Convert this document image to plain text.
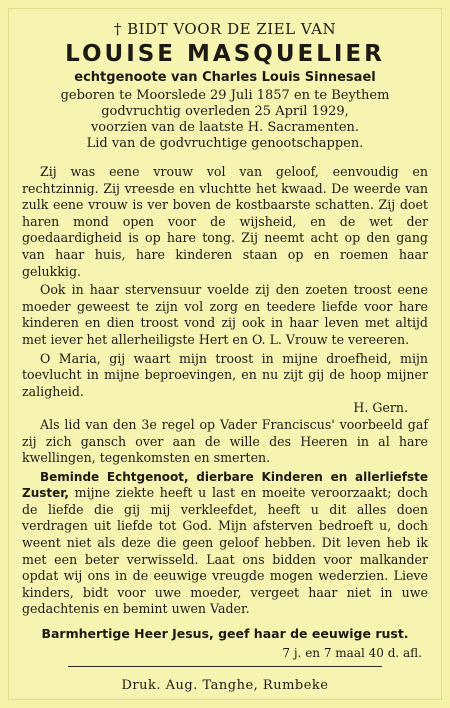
† BIDT VOOR DE ZIEL VAN
LOUISE MASQUELIER
echtgenoote van Charles Louis Sinnesael
geboren te Moorslede 29 Juli 1857 en te Beythem
godvruchtig overleden 25 April 1929,
voorzien van de laatste H. Sacramenten.
Lid van de godvruchtige genootschappen.

Zij was eene vrouw vol van geloof, eenvoudig en rechtzinnig. Zij vreesde en vluchtte het kwaad. De weerde van zulk eene vrouw is ver boven de kostbaarste schatten. Zij doet haren mond open voor de wijsheid, en de wet der goedaardigheid is op hare tong. Zij neemt acht op den gang van haar huis, hare kinderen staan op en roemen haar gelukkig.

Ook in haar stervensuur voelde zij den zoeten troost eene moeder geweest te zijn vol zorg en teedere liefde voor hare kinderen en dien troost vond zij ook in haar leven met altijd met iever het allerheiligste Hert en O. L. Vrouw te vereeren.

O Maria, gij waart mijn troost in mijne droefheid, mijn toevlucht in mijne beproevingen, en nu zijt gij de hoop mijner zaligheid.

H. Gern.

Als lid van den 3e regel op Vader Franciscus' voorbeeld gaf zij zich gansch over aan de wille des Heeren in al hare kwellingen, tegenkomsten en smerten.

Beminde Echtgenoot, dierbare Kinderen en allerliefste Zuster, mijne ziekte heeft u last en moeite veroorzaakt; doch de liefde die gij mij verkleefdet, heeft u dit alles doen verdragen uit liefde tot God. Mijn afsterven bedroeft u, doch weent niet als deze die geen geloof hebben. Dit leven heb ik met een beter verwisseld. Laat ons bidden voor malkander opdat wij ons in de eeuwige vreugde mogen wederzien. Lieve kinders, bidt voor uwe moeder, vergeet haar niet in uwe gedachtenis en bemint uwen Vader.

Barmhertige Heer Jesus, geef haar de eeuwige rust.
7 j. en 7 maal 40 d. afl.
Druk. Aug. Tanghe, Rumbeke
